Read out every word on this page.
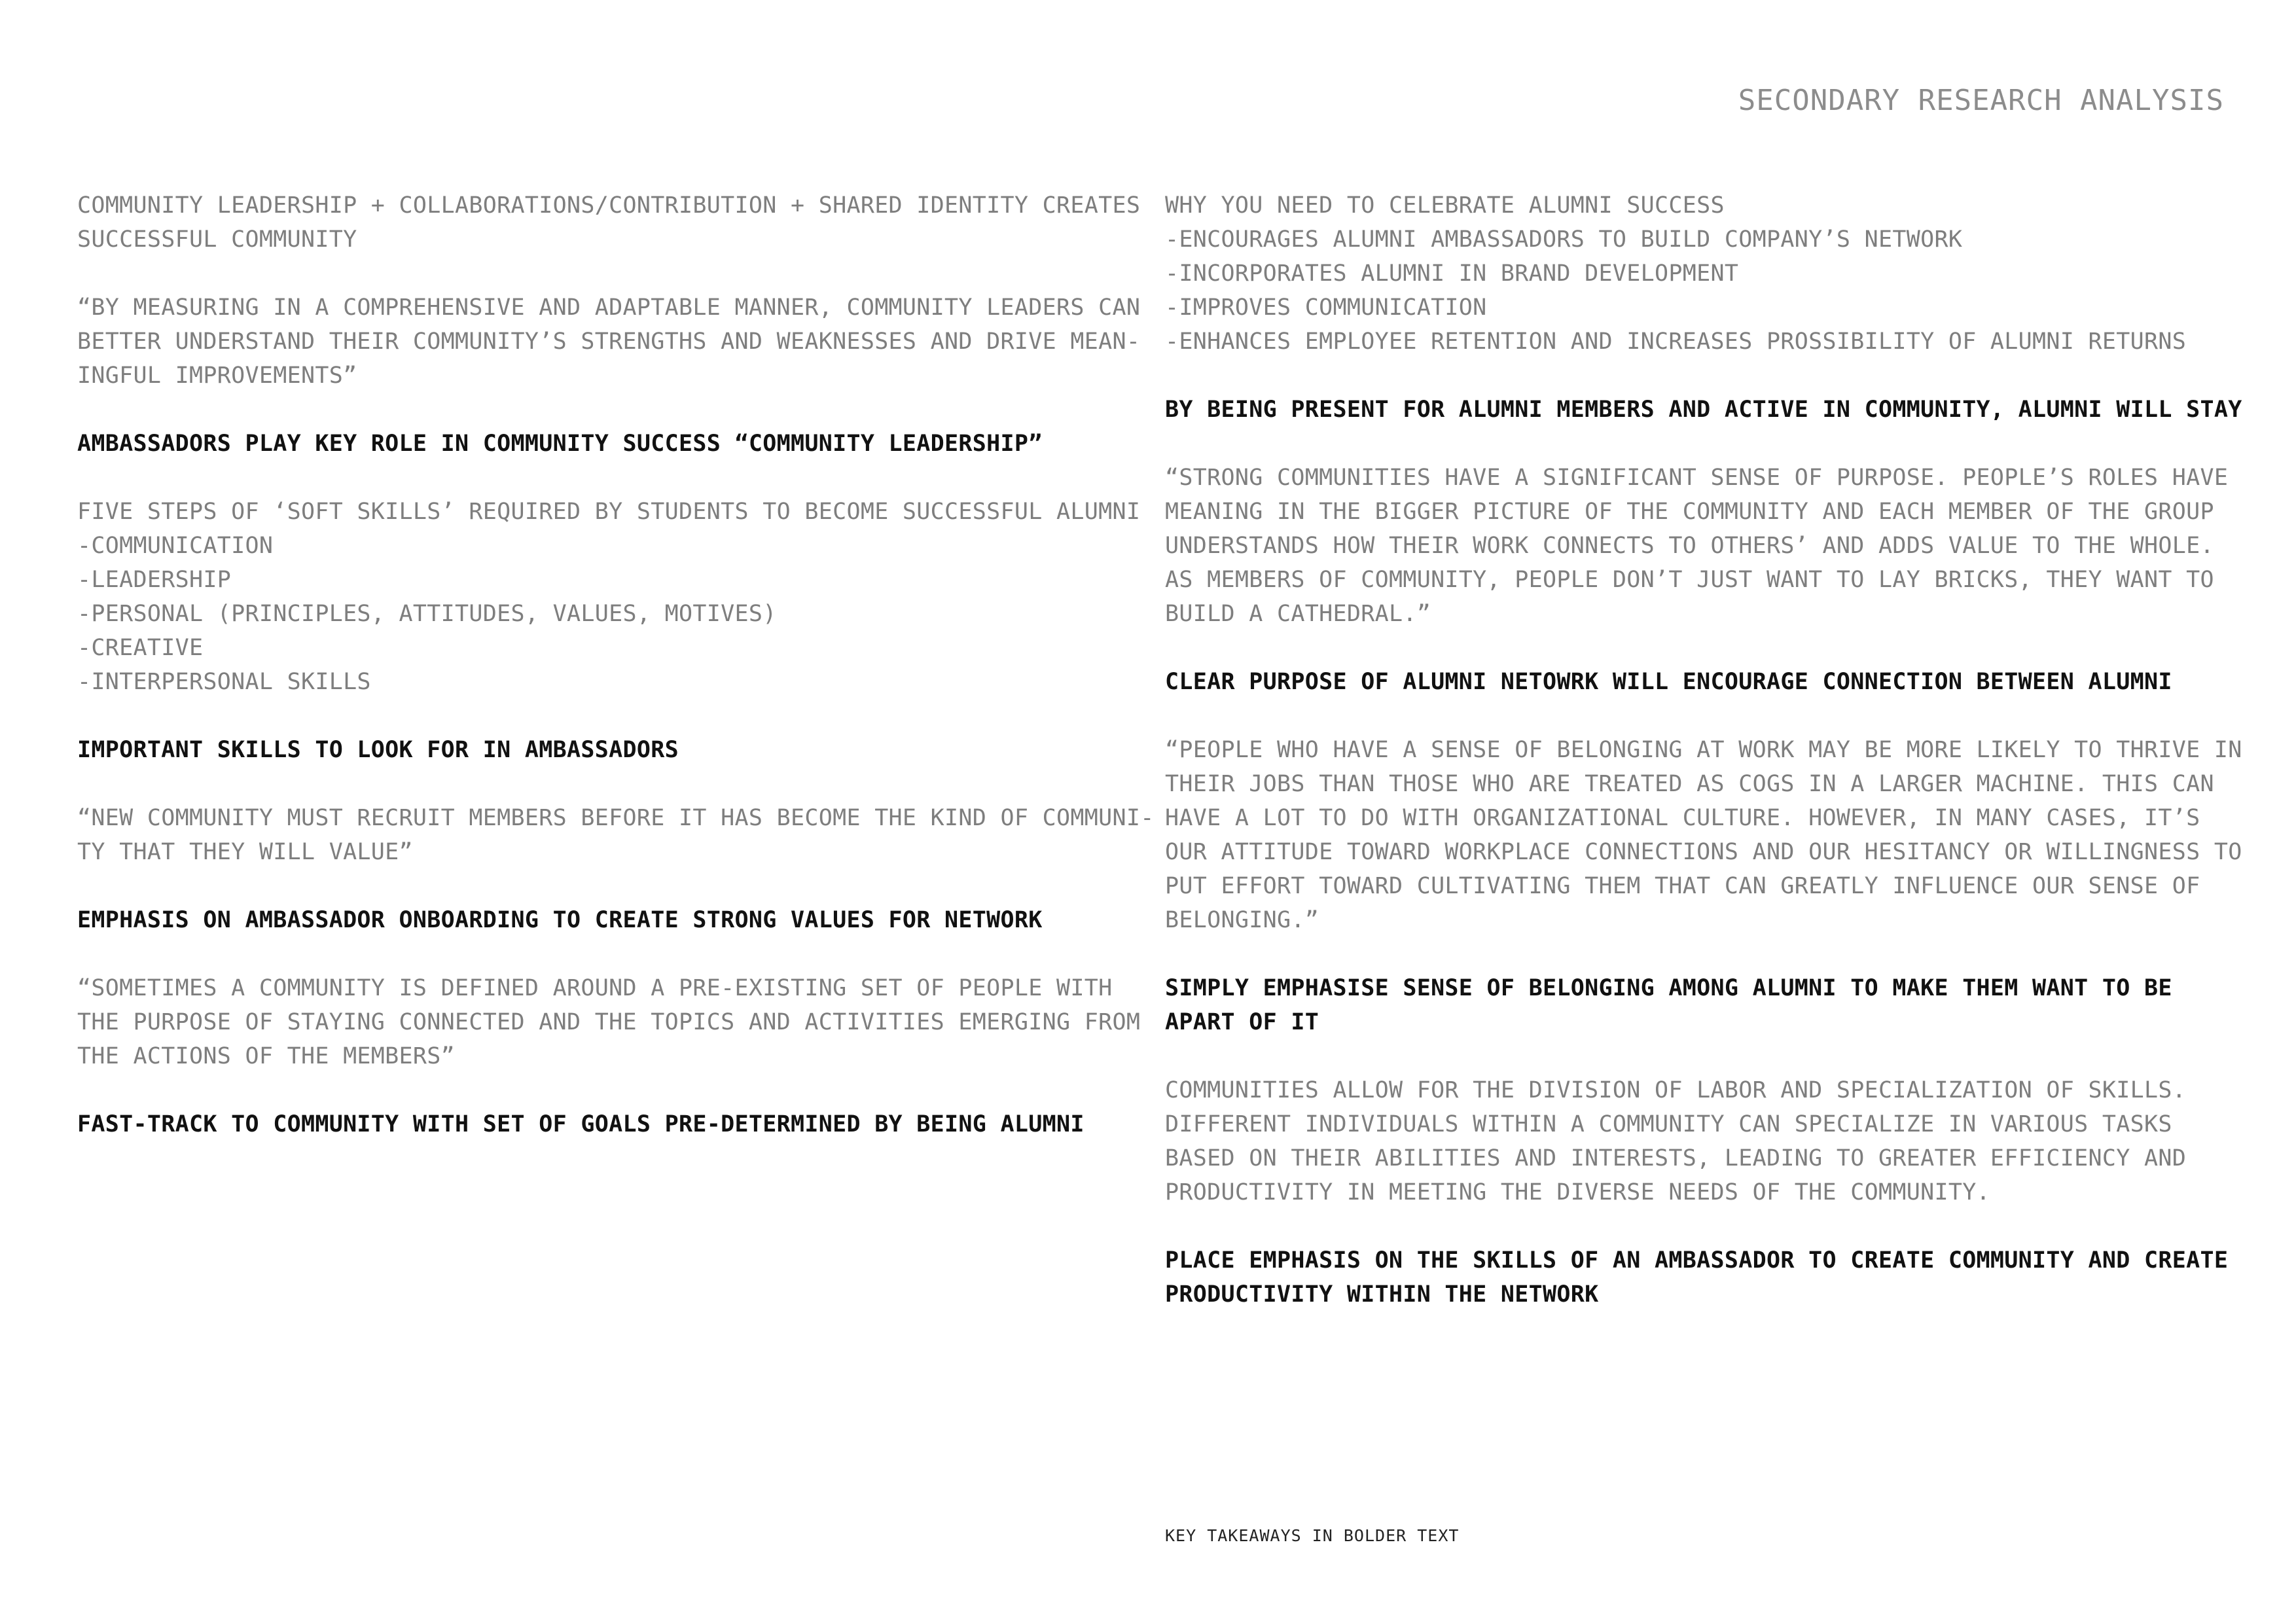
SECONDARY RESEARCH ANALYSIS
COMMUNITY LEADERSHIP + COLLABORATIONS/CONTRIBUTION + SHARED IDENTITY CREATES
SUCCESSFUL COMMUNITY
“BY MEASURING IN A COMPREHENSIVE AND ADAPTABLE MANNER, COMMUNITY LEADERS CAN
BETTER UNDERSTAND THEIR COMMUNITY’S STRENGTHS AND WEAKNESSES AND DRIVE MEAN-
INGFUL IMPROVEMENTS”
AMBASSADORS PLAY KEY ROLE IN COMMUNITY SUCCESS “COMMUNITY LEADERSHIP”
FIVE STEPS OF ‘SOFT SKILLS’ REQUIRED BY STUDENTS TO BECOME SUCCESSFUL ALUMNI
-COMMUNICATION
-LEADERSHIP
-PERSONAL (PRINCIPLES, ATTITUDES, VALUES, MOTIVES)
-CREATIVE
-INTERPERSONAL SKILLS
IMPORTANT SKILLS TO LOOK FOR IN AMBASSADORS
“NEW COMMUNITY MUST RECRUIT MEMBERS BEFORE IT HAS BECOME THE KIND OF COMMUNI-
TY THAT THEY WILL VALUE”
EMPHASIS ON AMBASSADOR ONBOARDING TO CREATE STRONG VALUES FOR NETWORK
“SOMETIMES A COMMUNITY IS DEFINED AROUND A PRE-EXISTING SET OF PEOPLE WITH
THE PURPOSE OF STAYING CONNECTED AND THE TOPICS AND ACTIVITIES EMERGING FROM
THE ACTIONS OF THE MEMBERS”
FAST-TRACK TO COMMUNITY WITH SET OF GOALS PRE-DETERMINED BY BEING ALUMNI
WHY YOU NEED TO CELEBRATE ALUMNI SUCCESS
-ENCOURAGES ALUMNI AMBASSADORS TO BUILD COMPANY’S NETWORK
-INCORPORATES ALUMNI IN BRAND DEVELOPMENT
-IMPROVES COMMUNICATION
-ENHANCES EMPLOYEE RETENTION AND INCREASES PROSSIBILITY OF ALUMNI RETURNS
BY BEING PRESENT FOR ALUMNI MEMBERS AND ACTIVE IN COMMUNITY, ALUMNI WILL STAY
“STRONG COMMUNITIES HAVE A SIGNIFICANT SENSE OF PURPOSE. PEOPLE’S ROLES HAVE
MEANING IN THE BIGGER PICTURE OF THE COMMUNITY AND EACH MEMBER OF THE GROUP
UNDERSTANDS HOW THEIR WORK CONNECTS TO OTHERS’ AND ADDS VALUE TO THE WHOLE.
AS MEMBERS OF COMMUNITY, PEOPLE DON’T JUST WANT TO LAY BRICKS, THEY WANT TO
BUILD A CATHEDRAL.”
CLEAR PURPOSE OF ALUMNI NETOWRK WILL ENCOURAGE CONNECTION BETWEEN ALUMNI
“PEOPLE WHO HAVE A SENSE OF BELONGING AT WORK MAY BE MORE LIKELY TO THRIVE IN
THEIR JOBS THAN THOSE WHO ARE TREATED AS COGS IN A LARGER MACHINE. THIS CAN
HAVE A LOT TO DO WITH ORGANIZATIONAL CULTURE. HOWEVER, IN MANY CASES, IT’S
OUR ATTITUDE TOWARD WORKPLACE CONNECTIONS AND OUR HESITANCY OR WILLINGNESS TO
PUT EFFORT TOWARD CULTIVATING THEM THAT CAN GREATLY INFLUENCE OUR SENSE OF
BELONGING.”
SIMPLY EMPHASISE SENSE OF BELONGING AMONG ALUMNI TO MAKE THEM WANT TO BE
APART OF IT
COMMUNITIES ALLOW FOR THE DIVISION OF LABOR AND SPECIALIZATION OF SKILLS.
DIFFERENT INDIVIDUALS WITHIN A COMMUNITY CAN SPECIALIZE IN VARIOUS TASKS
BASED ON THEIR ABILITIES AND INTERESTS, LEADING TO GREATER EFFICIENCY AND
PRODUCTIVITY IN MEETING THE DIVERSE NEEDS OF THE COMMUNITY.
PLACE EMPHASIS ON THE SKILLS OF AN AMBASSADOR TO CREATE COMMUNITY AND CREATE
PRODUCTIVITY WITHIN THE NETWORK
KEY TAKEAWAYS IN BOLDER TEXT
